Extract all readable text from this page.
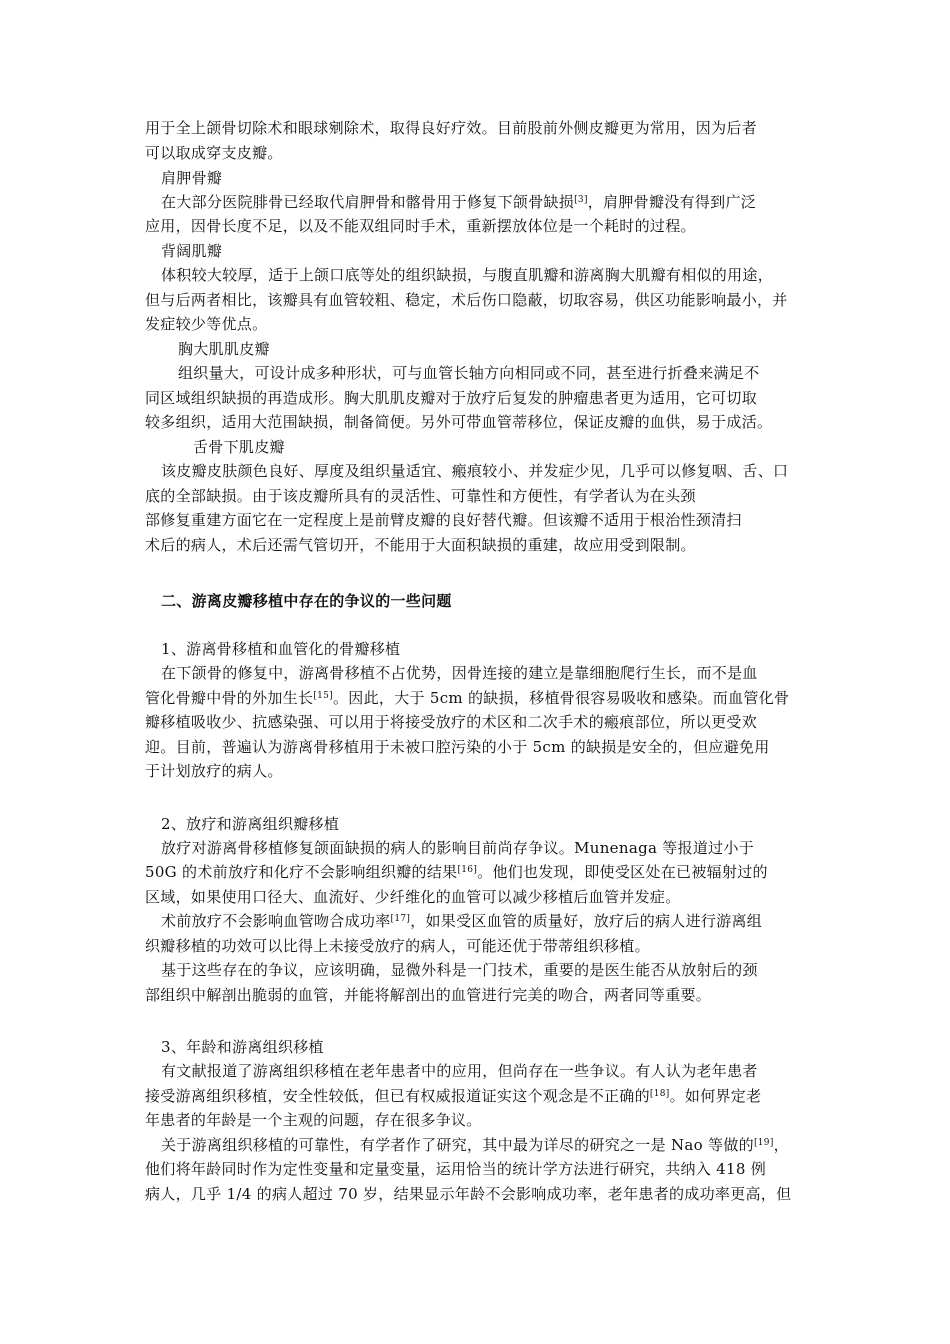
用于全上颌骨切除术和眼球剜除术，取得良好疗效。目前股前外侧皮瓣更为常用，因为后者
可以取成穿支皮瓣。
肩胛骨瓣
在大部分医院腓骨已经取代肩胛骨和髂骨用于修复下颌骨缺损[3]，肩胛骨瓣没有得到广泛
应用，因骨长度不足，以及不能双组同时手术，重新摆放体位是一个耗时的过程。
背阔肌瓣
体积较大较厚，适于上颌口底等处的组织缺损，与腹直肌瓣和游离胸大肌瓣有相似的用途，
但与后两者相比，该瓣具有血管较粗、稳定，术后伤口隐蔽，切取容易，供区功能影响最小，并
发症较少等优点。
胸大肌肌皮瓣
组织量大，可设计成多种形状，可与血管长轴方向相同或不同，甚至进行折叠来满足不
同区域组织缺损的再造成形。胸大肌肌皮瓣对于放疗后复发的肿瘤患者更为适用，它可切取
较多组织，适用大范围缺损，制备简便。另外可带血管蒂移位，保证皮瓣的血供，易于成活。
舌骨下肌皮瓣
该皮瓣皮肤颜色良好、厚度及组织量适宜、瘢痕较小、并发症少见，几乎可以修复咽、舌、口
底的全部缺损。由于该皮瓣所具有的灵活性、可靠性和方便性，有学者认为在头颈
部修复重建方面它在一定程度上是前臂皮瓣的良好替代瓣。但该瓣不适用于根治性颈清扫
术后的病人，术后还需气管切开，不能用于大面积缺损的重建，故应用受到限制。
二、游离皮瓣移植中存在的争议的一些问题
1、游离骨移植和血管化的骨瓣移植
在下颌骨的修复中，游离骨移植不占优势，因骨连接的建立是靠细胞爬行生长，而不是血
管化骨瓣中骨的外加生长[15]。因此，大于 5cm 的缺损，移植骨很容易吸收和感染。而血管化骨
瓣移植吸收少、抗感染强、可以用于将接受放疗的术区和二次手术的瘢痕部位，所以更受欢
迎。目前，普遍认为游离骨移植用于未被口腔污染的小于 5cm 的缺损是安全的，但应避免用
于计划放疗的病人。
2、放疗和游离组织瓣移植
放疗对游离骨移植修复颌面缺损的病人的影响目前尚存争议。Munenaga 等报道过小于
50G 的术前放疗和化疗不会影响组织瓣的结果[16]。他们也发现，即使受区处在已被辐射过的
区域，如果使用口径大、血流好、少纤维化的血管可以减少移植后血管并发症。
术前放疗不会影响血管吻合成功率[17]，如果受区血管的质量好，放疗后的病人进行游离组
织瓣移植的功效可以比得上未接受放疗的病人，可能还优于带蒂组织移植。
基于这些存在的争议，应该明确，显微外科是一门技术，重要的是医生能否从放射后的颈
部组织中解剖出脆弱的血管，并能将解剖出的血管进行完美的吻合，两者同等重要。
3、年龄和游离组织移植
有文献报道了游离组织移植在老年患者中的应用，但尚存在一些争议。有人认为老年患者
接受游离组织移植，安全性较低，但已有权威报道证实这个观念是不正确的[18]。如何界定老
年患者的年龄是一个主观的问题，存在很多争议。
关于游离组织移植的可靠性，有学者作了研究，其中最为详尽的研究之一是 Nao 等做的[19]，
他们将年龄同时作为定性变量和定量变量，运用恰当的统计学方法进行研究，共纳入 418 例
病人，几乎 1/4 的病人超过 70 岁，结果显示年龄不会影响成功率，老年患者的成功率更高，但
